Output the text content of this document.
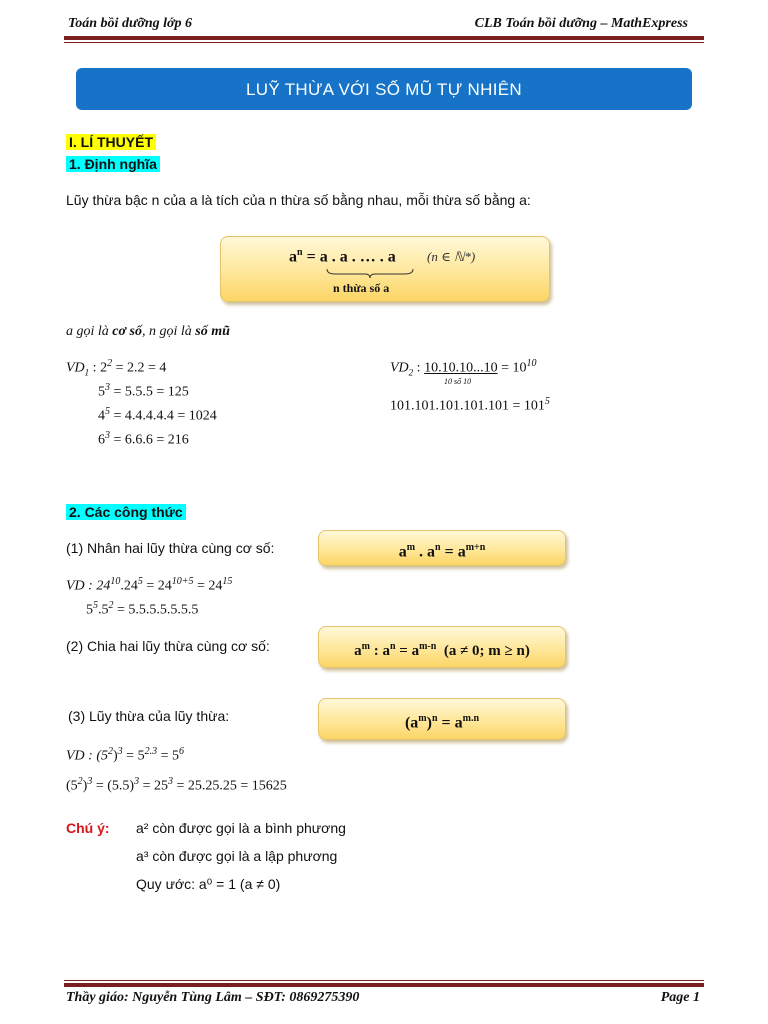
Toán bồi dưỡng lớp 6	CLB Toán bồi dưỡng – MathExpress
LUỸ THỪA VỚI SỐ MŨ TỰ NHIÊN
I. LÍ THUYẾT
1. Định nghĩa
Lũy thừa bậc n của a là tích của n thừa số bằng nhau, mỗi thừa số bằng a:
$a^n = a$ . a . … . a (n ∈ ℕ*)
n thừa số a
a gọi là cơ số, n gọi là số mũ
$VD_1$ : $2^2 = 2.2 = 4$
$5^3 = 5.5.5 = 125$
$4^5 = 4.4.4.4.4 = 1024$
$6^3 = 6.6.6 = 216$
$VD_2$ : $10.10.10...10 = 10^{10}$
10 số 10
$101.101.101.101.101 = 101^5$
2. Các công thức
(1) Nhân hai lũy thừa cùng cơ số:	$a^m$ . $a^n = a^{m+n}$
VD : $24^{10}.24^5 = 24^{10+5} = 24^{15}$
$5^5.5^2 = 5.5.5.5.5.5.5$
(2) Chia hai lũy thừa cùng cơ số:	$a^m$ : $a^n = a^{m-n}$  (a ≠ 0; m ≥ n)
(3) Lũy thừa của lũy thừa:	$(a^m)^n = a^{m.n}$
VD : $(5^2)^3 = 5^{2.3} = 5^6$
$(5^2)^3 = (5.5)^3 = 25^3 = 25.25.25 = 15625$
Chú ý: a² còn được gọi là a bình phương
a³ còn được gọi là a lập phương
Quy ước: a⁰ = 1 (a ≠ 0)
Thầy giáo: Nguyễn Tùng Lâm – SĐT: 0869275390	Page 1
